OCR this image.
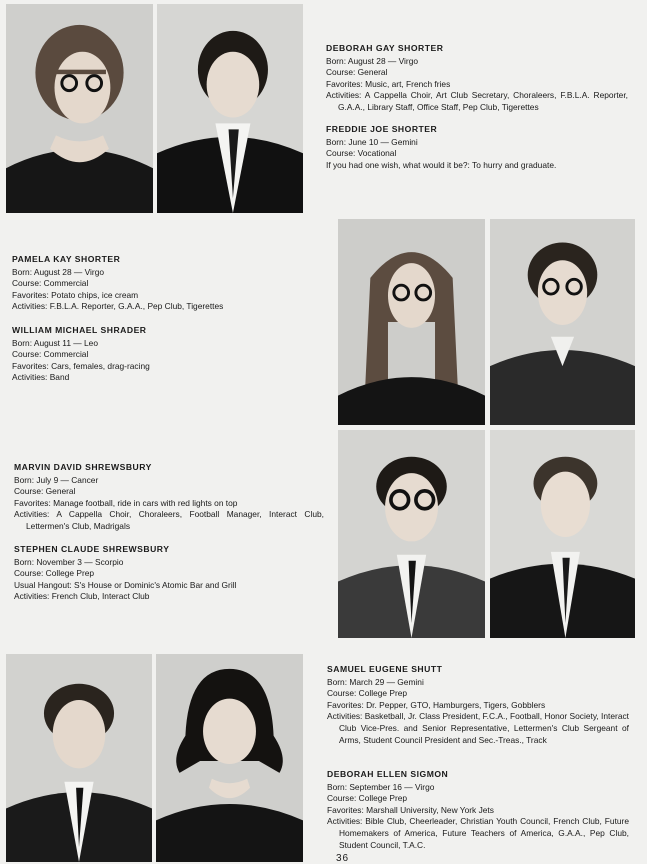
DEBORAH GAY SHORTER
Born: August 28 — Virgo
Course: General
Favorites: Music, art, French fries
Activities: A Cappella Choir, Art Club Secretary, Choraleers, F.B.L.A. Reporter, G.A.A., Library Staff, Office Staff, Pep Club, Tigerettes
FREDDIE JOE SHORTER
Born: June 10 — Gemini
Course: Vocational
If you had one wish, what would it be?: To hurry and graduate.
PAMELA KAY SHORTER
Born: August 28 — Virgo
Course: Commercial
Favorites: Potato chips, ice cream
Activities: F.B.L.A. Reporter, G.A.A., Pep Club, Tigerettes
WILLIAM MICHAEL SHRADER
Born: August 11 — Leo
Course: Commercial
Favorites: Cars, females, drag-racing
Activities: Band
MARVIN DAVID SHREWSBURY
Born: July 9 — Cancer
Course: General
Favorites: Manage football, ride in cars with red lights on top
Activities: A Cappella Choir, Choraleers, Football Manager, Interact Club, Lettermen's Club, Madrigals
STEPHEN CLAUDE SHREWSBURY
Born: November 3 — Scorpio
Course: College Prep
Usual Hangout: S's House or Dominic's Atomic Bar and Grill
Activities: French Club, Interact Club
SAMUEL EUGENE SHUTT
Born: March 29 — Gemini
Course: College Prep
Favorites: Dr. Pepper, GTO, Hamburgers, Tigers, Gobblers
Activities: Basketball, Jr. Class President, F.C.A., Football, Honor Society, Interact Club Vice-Pres. and Senior Representative, Lettermen's Club Sergeant of Arms, Student Council President and Sec.-Treas., Track
DEBORAH ELLEN SIGMON
Born: September 16 — Virgo
Course: College Prep
Favorites: Marshall University, New York Jets
Activities: Bible Club, Cheerleader, Christian Youth Council, French Club, Future Homemakers of America, Future Teachers of America, G.A.A., Pep Club, Student Council, T.A.C.
36
